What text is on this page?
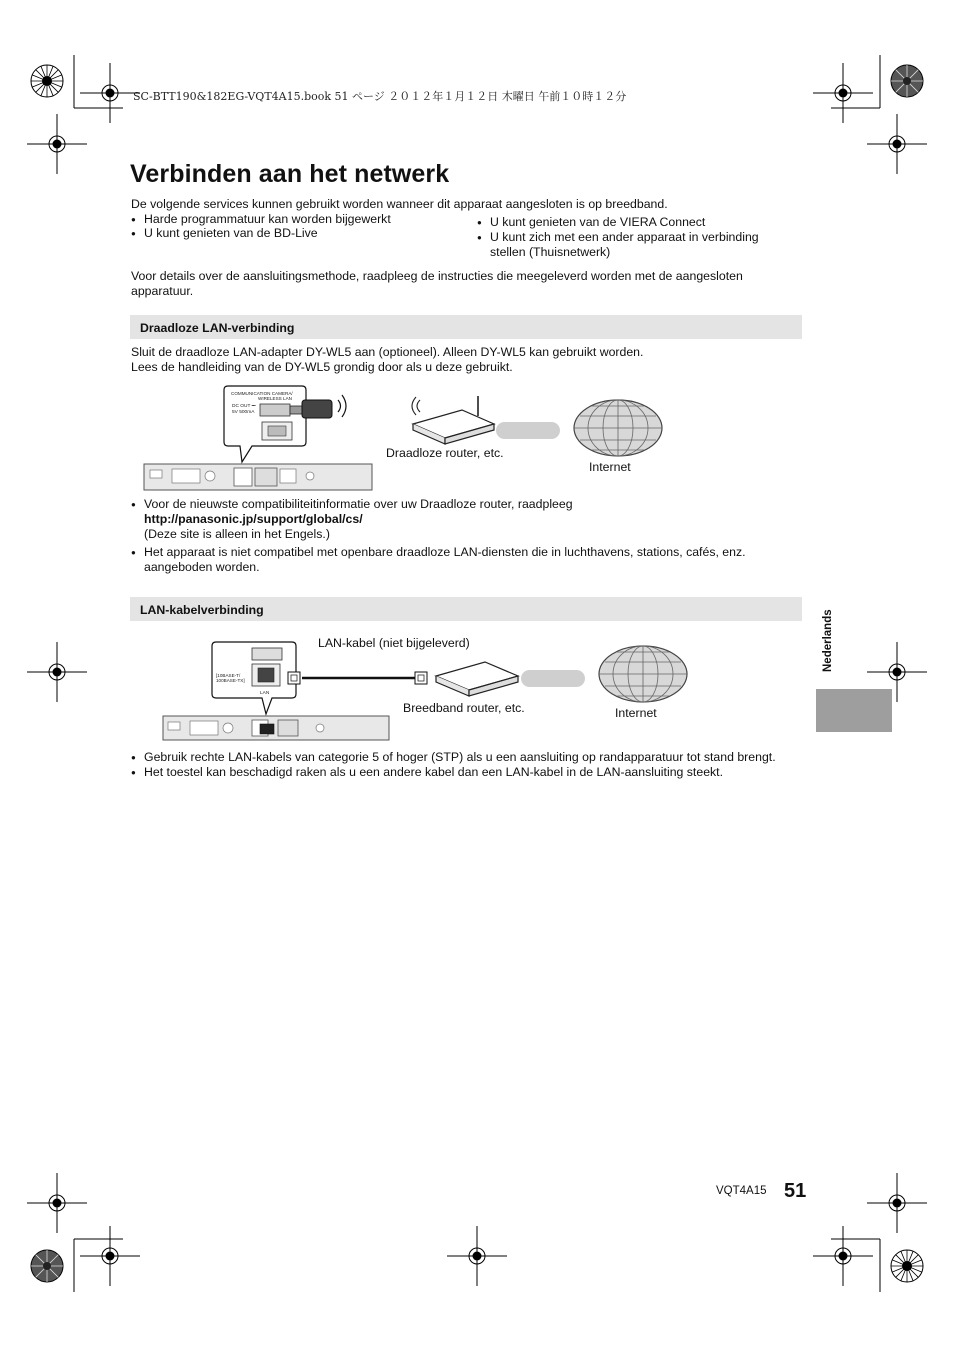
SC-BTT190&182EG-VQT4A15.book 51 ページ ２０１２年１月１２日 木曜日 午前１０時１２分
Verbinden aan het netwerk
De volgende services kunnen gebruikt worden wanneer dit apparaat aangesloten is op breedband.
● Harde programmatuur kan worden bijgewerkt
● U kunt genieten van de BD-Live
● U kunt genieten van de VIERA Connect
● U kunt zich met een ander apparaat in verbinding stellen (Thuisnetwerk)
Voor details over de aansluitingsmethode, raadpleeg de instructies die meegeleverd worden met de aangesloten apparatuur.
Draadloze LAN-verbinding
Sluit de draadloze LAN-adapter DY-WL5 aan (optioneel). Alleen DY-WL5 kan gebruikt worden.
Lees de handleiding van de DY-WL5 grondig door als u deze gebruikt.
COMMUNICATION CAMERA/
WIRELESS LAN
DC OUT ⎓
5V 500mA
Draadloze router, etc.
Internet
● Voor de nieuwste compatibiliteitinformatie over uw Draadloze router, raadpleeg
http://panasonic.jp/support/global/cs/
(Deze site is alleen in het Engels.)
● Het apparaat is niet compatibel met openbare draadloze LAN-diensten die in luchthavens, stations, cafés, enz. aangeboden worden.
LAN-kabelverbinding
[10BASE-T/
100BASE-TX]
LAN
LAN-kabel (niet bijgeleverd)
Breedband router, etc.	Internet
● Gebruik rechte LAN-kabels van categorie 5 of hoger (STP) als u een aansluiting op randapparatuur tot stand brengt.
● Het toestel kan beschadigd raken als u een andere kabel dan een LAN-kabel in de LAN-aansluiting steekt.
Nederlands
VQT4A15 51
